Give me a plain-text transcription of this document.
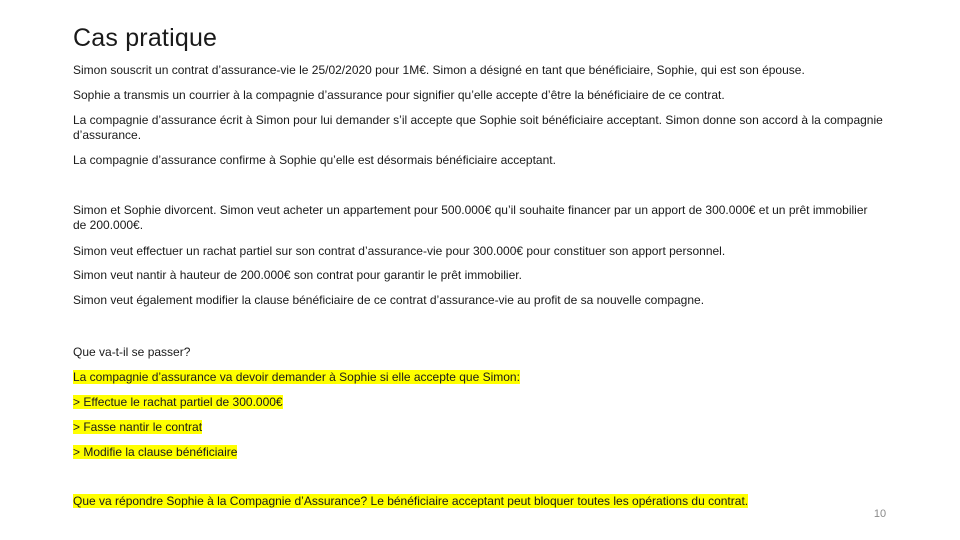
Cas pratique
Simon souscrit un contrat d’assurance-vie le 25/02/2020 pour 1M€. Simon a désigné en tant que bénéficiaire, Sophie, qui est son épouse.
Sophie a transmis un courrier à la compagnie d’assurance pour signifier qu’elle accepte d’être la bénéficiaire de ce contrat.
La compagnie d’assurance écrit à Simon pour lui demander s’il accepte que Sophie soit bénéficiaire acceptant. Simon donne son accord à la compagnie d’assurance.
La compagnie d’assurance confirme à Sophie qu’elle est désormais bénéficiaire acceptant.
Simon et Sophie divorcent. Simon veut acheter un appartement pour 500.000€ qu’il souhaite financer par un apport de 300.000€ et un prêt immobilier de 200.000€.
Simon veut effectuer un rachat partiel sur son contrat d’assurance-vie pour 300.000€ pour constituer son apport personnel.
Simon veut nantir à hauteur de 200.000€ son contrat pour garantir le prêt immobilier.
Simon veut également modifier la clause bénéficiaire de ce contrat d’assurance-vie au profit de sa nouvelle compagne.
Que va-t-il se passer?
La compagnie d’assurance va devoir demander à Sophie si elle accepte que Simon:
> Effectue le rachat partiel de 300.000€
> Fasse nantir le contrat
> Modifie la clause bénéficiaire
Que va répondre Sophie à la Compagnie d’Assurance? Le bénéficiaire acceptant peut bloquer toutes les opérations du contrat.
10
